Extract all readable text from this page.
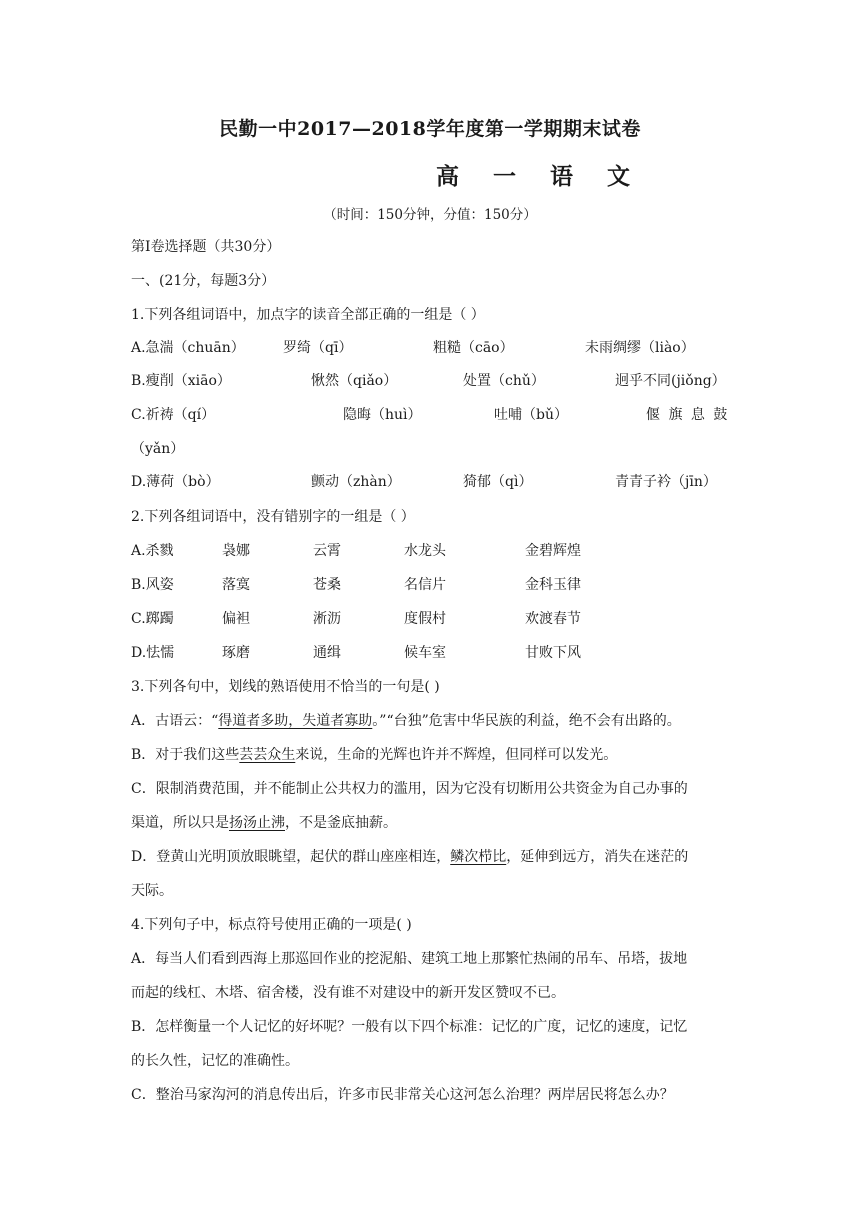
民勤一中2017—2018学年度第一学期期末试卷
高 一 语 文
（时间：150分钟，分值：150分）
第Ⅰ卷选择题（共30分）
一、(21分，每题3分）
1.下列各组词语中，加点字的读音全部正确的一组是（ ）
A.急湍（chuān）	罗绮（qī）	粗糙（cāo）	未雨绸缪（liào）
B.瘦削（xiāo）	愀然（qiǎo）	处置（chǔ）	迥乎不同(jiǒng）
C.祈祷（qí）	隐晦（huì）	吐哺（bǔ）	偃 旗 息 鼓
（yǎn）
D.薄荷（bò）	颤动（zhàn）	猗郁（qì）	青青子衿（jīn）
2.下列各组词语中，没有错别字的一组是（ ）
A.杀戮	袅娜	云霄	水龙头	金碧辉煌
B.风姿	落寞	苍桑	名信片	金科玉律
C.踯躅	偏袒	淅沥	度假村	欢渡春节
D.怯懦	琢磨	通缉	候车室	甘败下风
3.下列各句中，划线的熟语使用不恰当的一句是( )
A．古语云：“得道者多助，失道者寡助。”“台独”危害中华民族的利益，绝不会有出路的。
B．对于我们这些芸芸众生来说，生命的光辉也许并不辉煌，但同样可以发光。
C．限制消费范围，并不能制止公共权力的滥用，因为它没有切断用公共资金为自己办事的
渠道，所以只是扬汤止沸，不是釜底抽薪。
D．登黄山光明顶放眼眺望，起伏的群山座座相连，鳞次栉比，延伸到远方，消失在迷茫的
天际。
4.下列句子中，标点符号使用正确的一项是( )
A．每当人们看到西海上那巡回作业的挖泥船、建筑工地上那繁忙热闹的吊车、吊塔，拔地
而起的线杠、木塔、宿舍楼，没有谁不对建设中的新开发区赞叹不已。
B．怎样衡量一个人记忆的好坏呢？一般有以下四个标准：记忆的广度，记忆的速度，记忆
的长久性，记忆的准确性。
C．整治马家沟河的消息传出后，许多市民非常关心这河怎么治理？两岸居民将怎么办？
